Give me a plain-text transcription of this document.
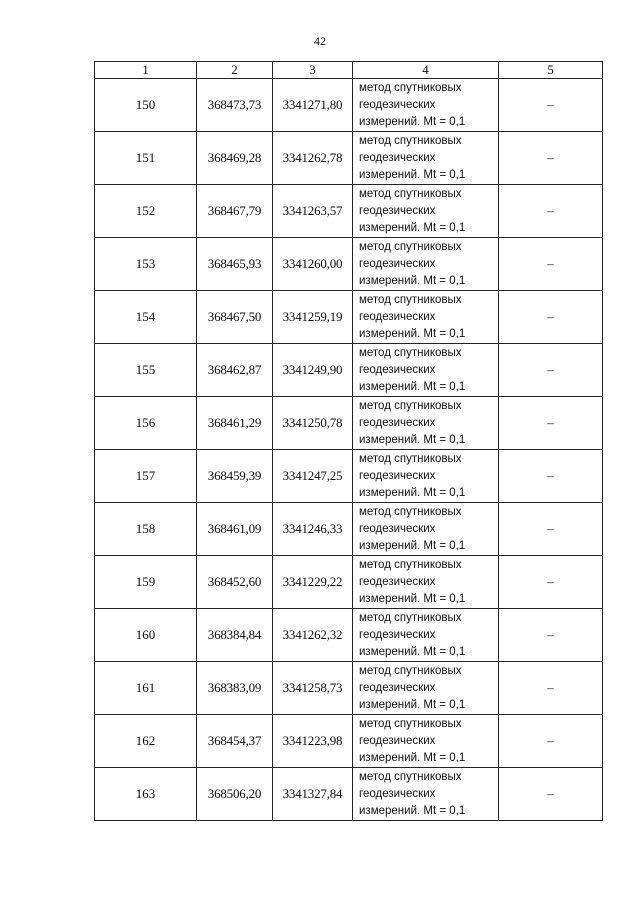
42
1	2	3	4	5
150	368473,73	3341271,80	метод спутниковых
геодезических
измерений. Mt = 0,1	–
151	368469,28	3341262,78	метод спутниковых
геодезических
измерений. Mt = 0,1	–
152	368467,79	3341263,57	метод спутниковых
геодезических
измерений. Mt = 0,1	–
153	368465,93	3341260,00	метод спутниковых
геодезических
измерений. Mt = 0,1	–
154	368467,50	3341259,19	метод спутниковых
геодезических
измерений. Mt = 0,1	–
155	368462,87	3341249,90	метод спутниковых
геодезических
измерений. Mt = 0,1	–
156	368461,29	3341250,78	метод спутниковых
геодезических
измерений. Mt = 0,1	–
157	368459,39	3341247,25	метод спутниковых
геодезических
измерений. Mt = 0,1	–
158	368461,09	3341246,33	метод спутниковых
геодезических
измерений. Mt = 0,1	–
159	368452,60	3341229,22	метод спутниковых
геодезических
измерений. Mt = 0,1	–
160	368384,84	3341262,32	метод спутниковых
геодезических
измерений. Mt = 0,1	–
161	368383,09	3341258,73	метод спутниковых
геодезических
измерений. Mt = 0,1	–
162	368454,37	3341223,98	метод спутниковых
геодезических
измерений. Mt = 0,1	–
163	368506,20	3341327,84	метод спутниковых
геодезических
измерений. Mt = 0,1	–
